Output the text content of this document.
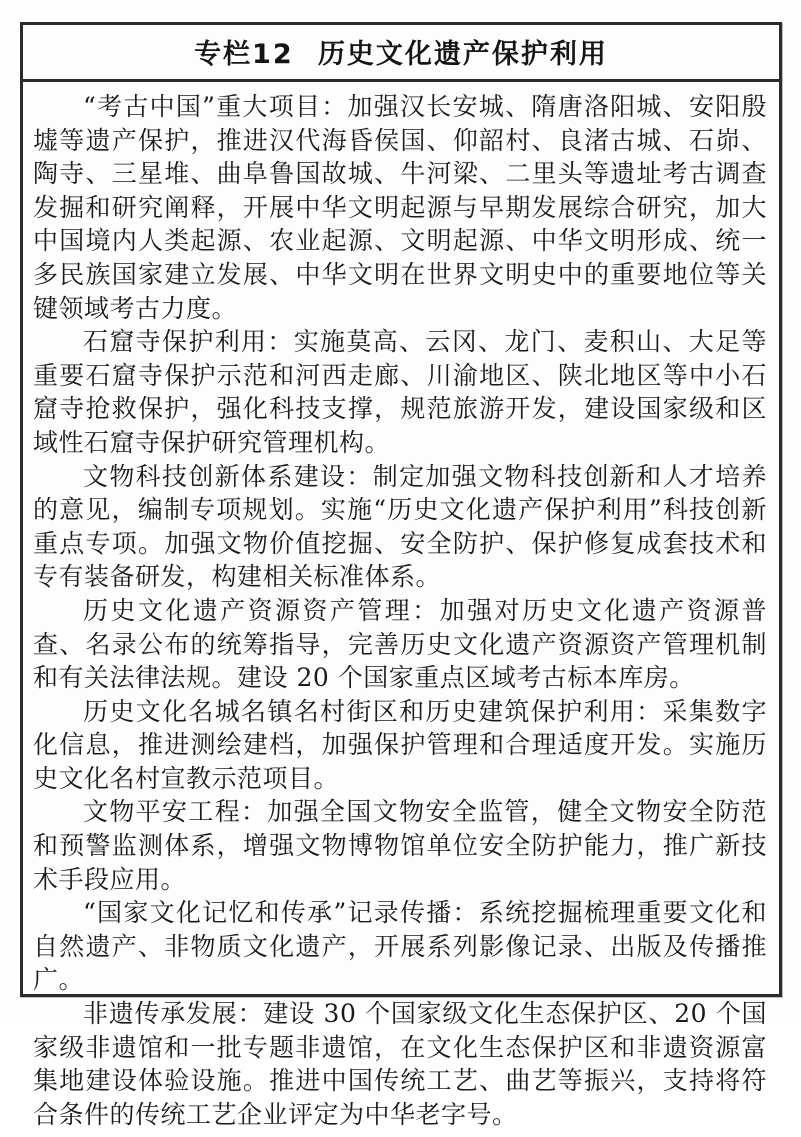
专栏12 历史文化遗产保护利用

“考古中国”重大项目：加强汉长安城、隋唐洛阳城、安阳殷墟等遗产保护，推进汉代海昏侯国、仰韶村、良渚古城、石峁、陶寺、三星堆、曲阜鲁国故城、牛河梁、二里头等遗址考古调查发掘和研究阐释，开展中华文明起源与早期发展综合研究，加大中国境内人类起源、农业起源、文明起源、中华文明形成、统一多民族国家建立发展、中华文明在世界文明史中的重要地位等关键领域考古力度。

石窟寺保护利用：实施莫高、云冈、龙门、麦积山、大足等重要石窟寺保护示范和河西走廊、川渝地区、陕北地区等中小石窟寺抢救保护，强化科技支撑，规范旅游开发，建设国家级和区域性石窟寺保护研究管理机构。

文物科技创新体系建设：制定加强文物科技创新和人才培养的意见，编制专项规划。实施“历史文化遗产保护利用”科技创新重点专项。加强文物价值挖掘、安全防护、保护修复成套技术和专有装备研发，构建相关标准体系。

历史文化遗产资源资产管理：加强对历史文化遗产资源普查、名录公布的统筹指导，完善历史文化遗产资源资产管理机制和有关法律法规。建设 20 个国家重点区域考古标本库房。

历史文化名城名镇名村街区和历史建筑保护利用：采集数字化信息，推进测绘建档，加强保护管理和合理适度开发。实施历史文化名村宣教示范项目。

文物平安工程：加强全国文物安全监管，健全文物安全防范和预警监测体系，增强文物博物馆单位安全防护能力，推广新技术手段应用。

“国家文化记忆和传承”记录传播：系统挖掘梳理重要文化和自然遗产、非物质文化遗产，开展系列影像记录、出版及传播推广。

非遗传承发展：建设 30 个国家级文化生态保护区、20 个国家级非遗馆和一批专题非遗馆，在文化生态保护区和非遗资源富集地建设体验设施。推进中国传统工艺、曲艺等振兴，支持将符合条件的传统工艺企业评定为中华老字号。
